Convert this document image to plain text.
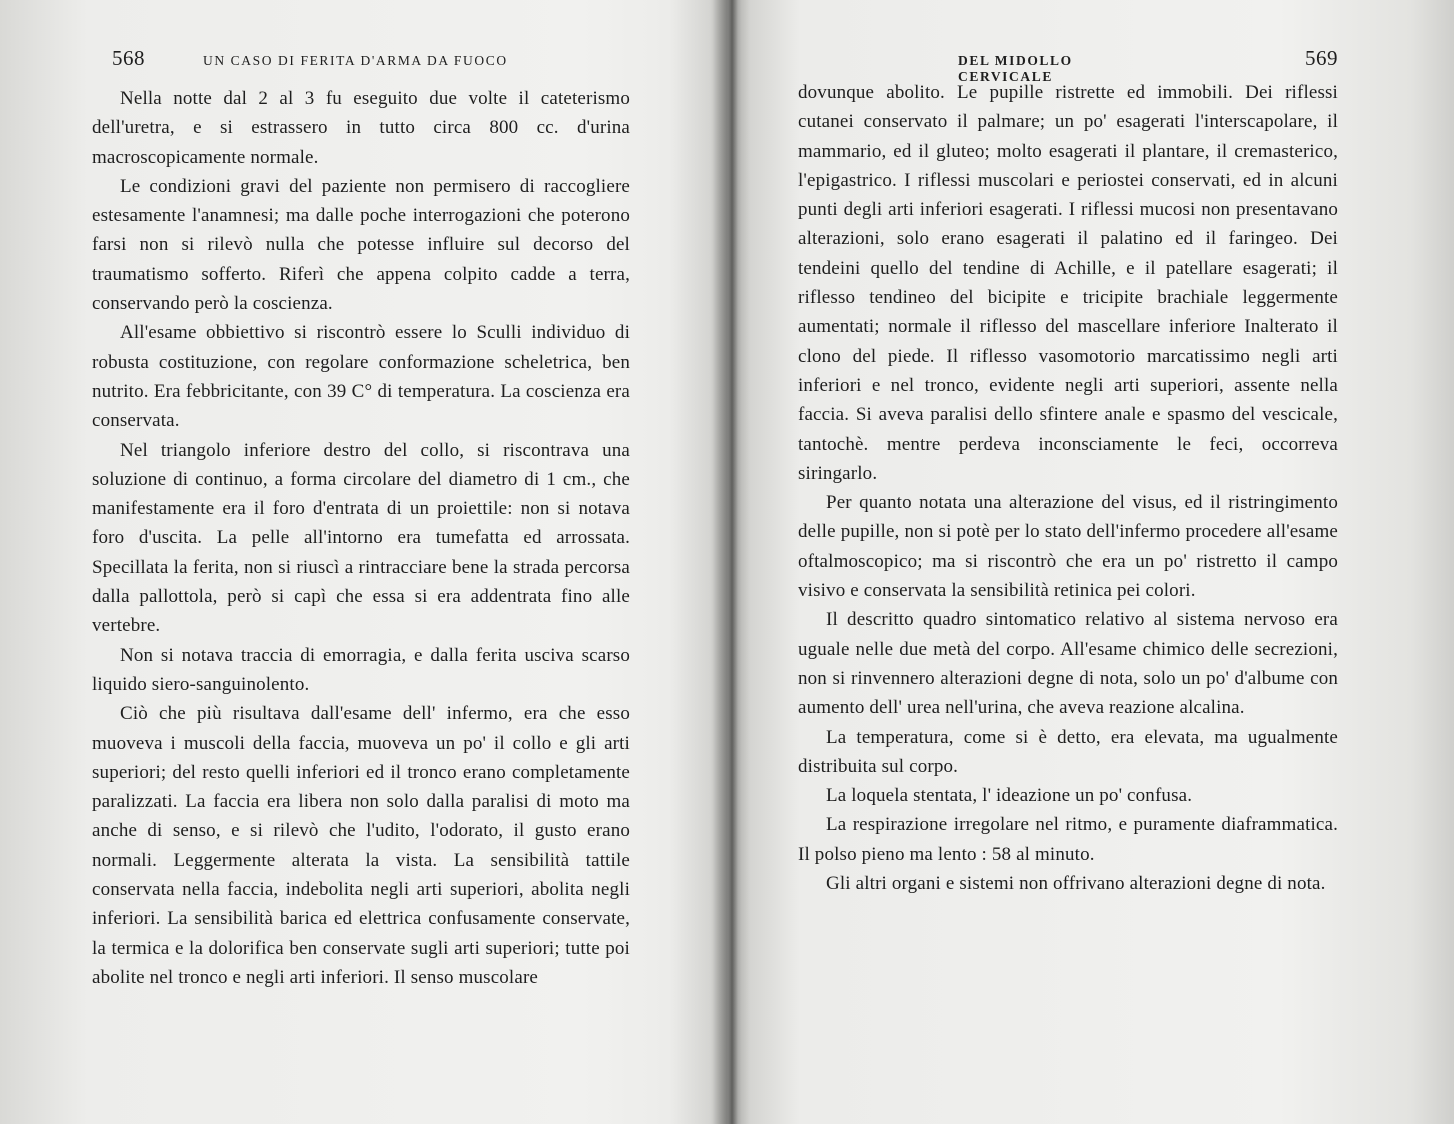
568	UN CASO DI FERITA D'ARMA DA FUOCO

Nella notte dal 2 al 3 fu eseguito due volte il cateterismo dell'uretra, e si estrassero in tutto circa 800 cc. d'urina macroscopicamente normale.

Le condizioni gravi del paziente non permisero di raccogliere estesamente l'anamnesi; ma dalle poche interrogazioni che poterono farsi non si rilevò nulla che potesse influire sul decorso del traumatismo sofferto. Riferì che appena colpito cadde a terra, conservando però la coscienza.

All'esame obbiettivo si riscontrò essere lo Sculli individuo di robusta costituzione, con regolare conformazione scheletrica, ben nutrito. Era febbricitante, con 39 C° di temperatura. La coscienza era conservata.

Nel triangolo inferiore destro del collo, si riscontrava una soluzione di continuo, a forma circolare del diametro di 1 cm., che manifestamente era il foro d'entrata di un proiettile: non si notava foro d'uscita. La pelle all'intorno era tumefatta ed arrossata. Specillata la ferita, non si riuscì a rintracciare bene la strada percorsa dalla pallottola, però si capì che essa si era addentrata fino alle vertebre.

Non si notava traccia di emorragia, e dalla ferita usciva scarso liquido siero-sanguinolento.

Ciò che più risultava dall'esame dell' infermo, era che esso muoveva i muscoli della faccia, muoveva un po' il collo e gli arti superiori; del resto quelli inferiori ed il tronco erano completamente paralizzati. La faccia era libera non solo dalla paralisi di moto ma anche di senso, e si rilevò che l'udito, l'odorato, il gusto erano normali. Leggermente alterata la vista. La sensibilità tattile conservata nella faccia, indebolita negli arti superiori, abolita negli inferiori. La sensibilità barica ed elettrica confusamente conservate, la termica e la dolorifica ben conservate sugli arti superiori; tutte poi abolite nel tronco e negli arti inferiori. Il senso muscolare

DEL MIDOLLO CERVICALE
569

dovunque abolito. Le pupille ristrette ed immobili. Dei riflessi cutanei conservato il palmare; un po' esagerati l'interscapolare, il mammario, ed il gluteo; molto esagerati il plantare, il cremasterico, l'epigastrico. I riflessi muscolari e periostei conservati, ed in alcuni punti degli arti inferiori esagerati. I riflessi mucosi non presentavano alterazioni, solo erano esagerati il palatino ed il faringeo. Dei tendeini quello del tendine di Achille, e il patellare esagerati; il riflesso tendineo del bicipite e tricipite brachiale leggermente aumentati; normale il riflesso del mascellare inferiore Inalterato il clono del piede. Il riflesso vasomotorio marcatissimo negli arti inferiori e nel tronco, evidente negli arti superiori, assente nella faccia. Si aveva paralisi dello sfintere anale e spasmo del vescicale, tantochè. mentre perdeva inconsciamente le feci, occorreva siringarlo.

Per quanto notata una alterazione del visus, ed il ristringimento delle pupille, non si potè per lo stato dell'infermo procedere all'esame oftalmoscopico; ma si riscontrò che era un po' ristretto il campo visivo e conservata la sensibilità retinica pei colori.

Il descritto quadro sintomatico relativo al sistema nervoso era uguale nelle due metà del corpo. All'esame chimico delle secrezioni, non si rinvennero alterazioni degne di nota, solo un po' d'albume con aumento dell' urea nell'urina, che aveva reazione alcalina.

La temperatura, come si è detto, era elevata, ma ugualmente distribuita sul corpo.

La loquela stentata, l' ideazione un po' confusa.

La respirazione irregolare nel ritmo, e puramente diaframmatica. Il polso pieno ma lento : 58 al minuto.

Gli altri organi e sistemi non offrivano alterazioni degne di nota.
